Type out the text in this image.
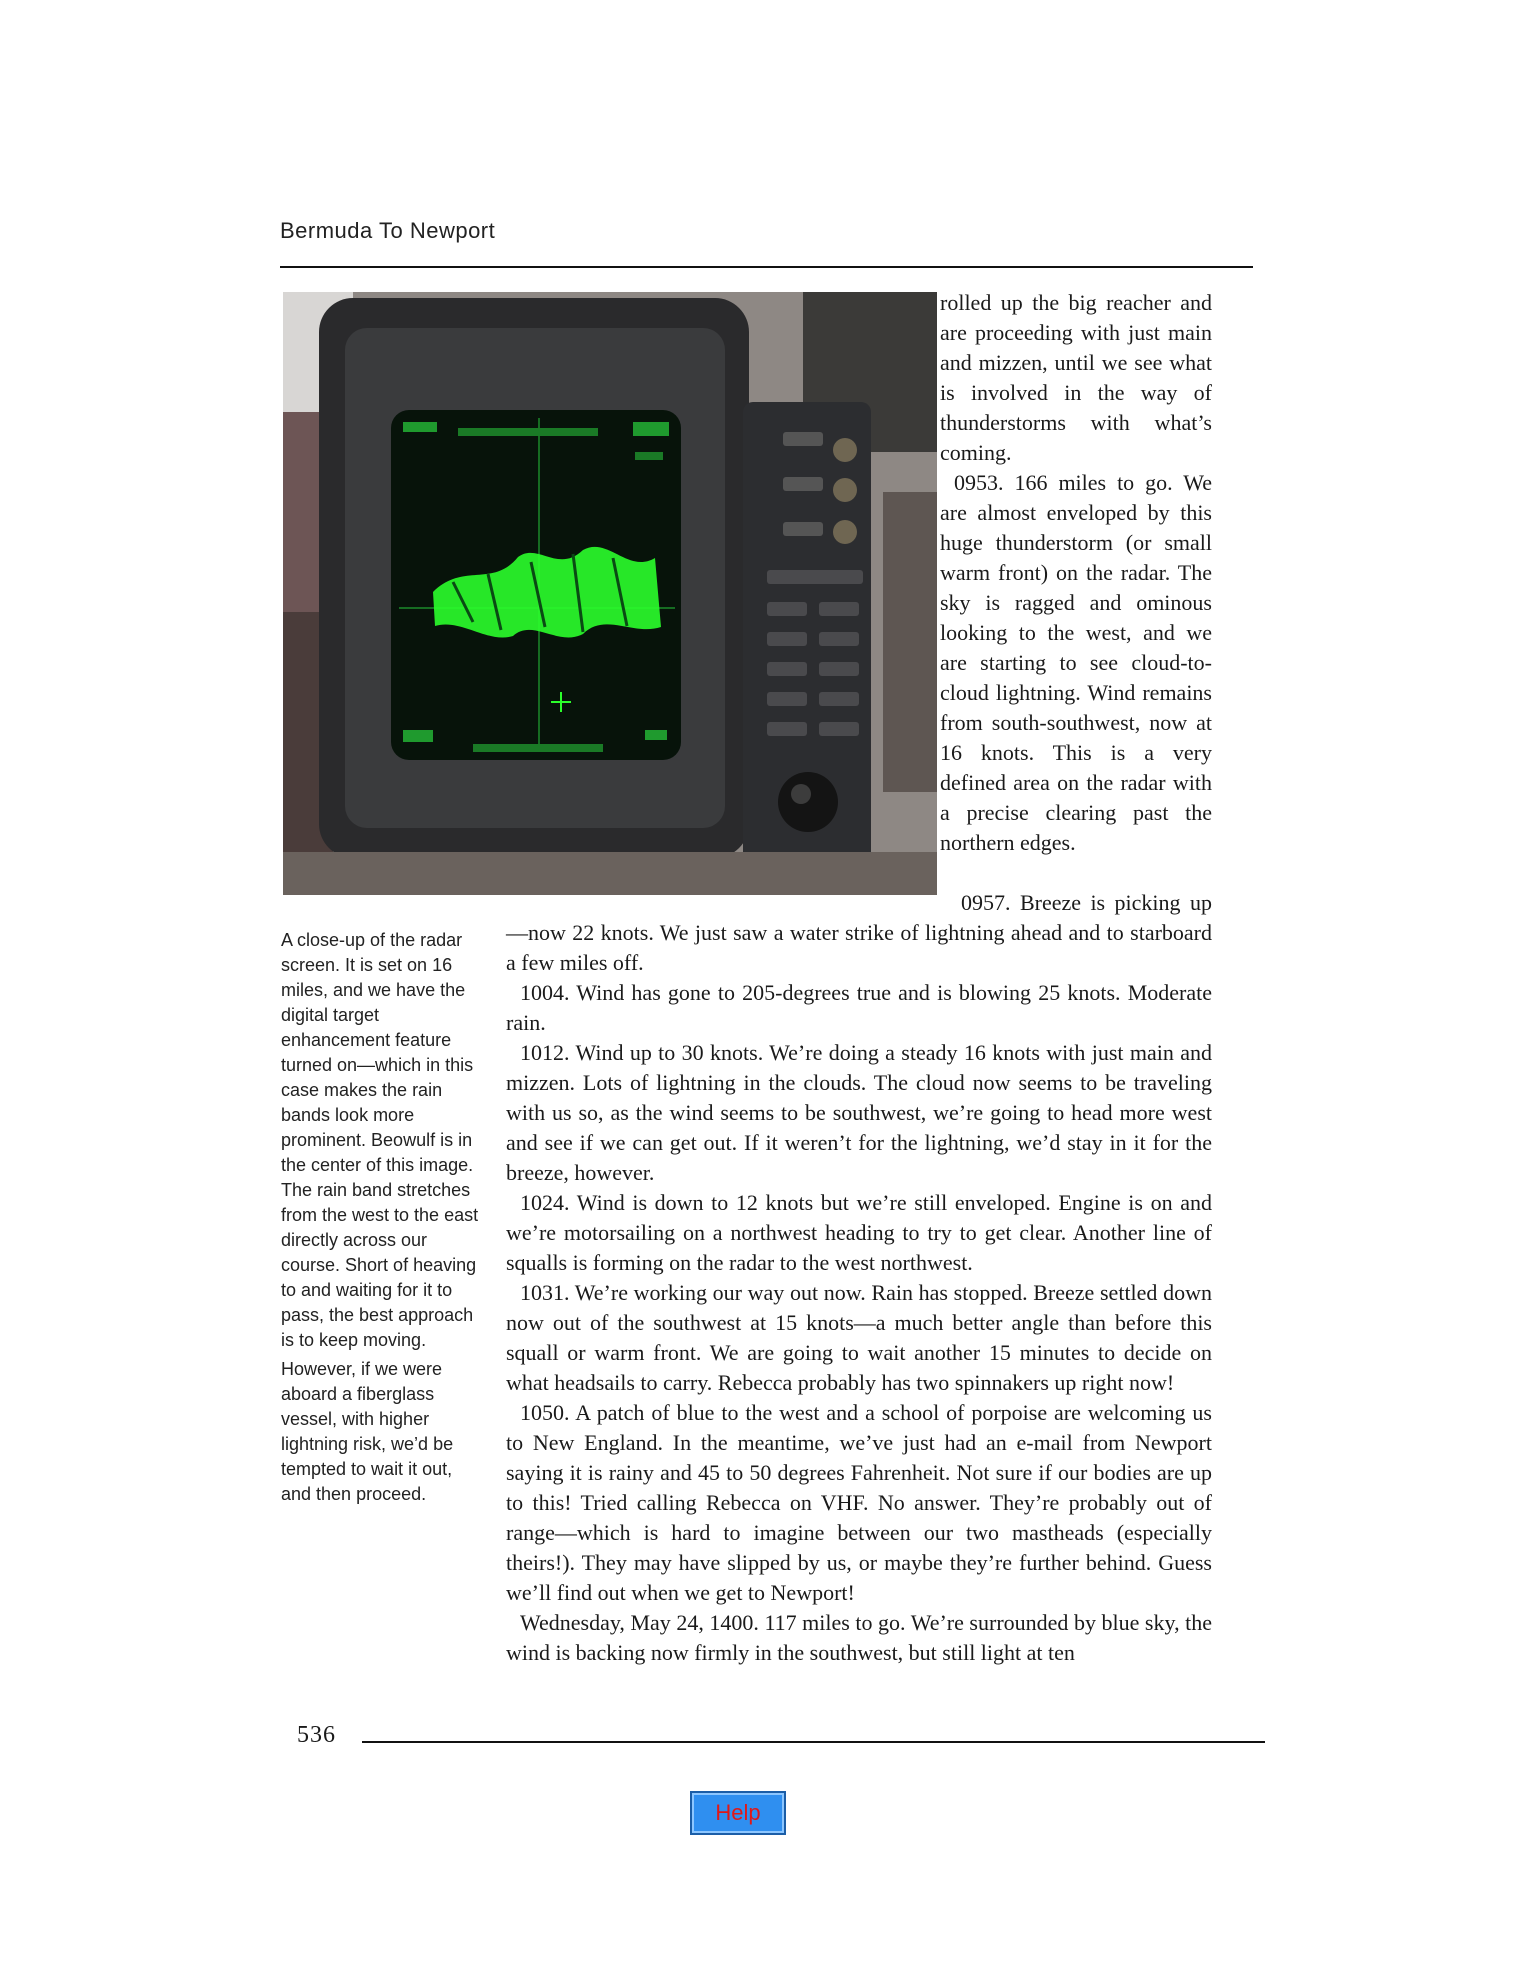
Bermuda To Newport

A close-up of the radar screen. It is set on 16 miles, and we have the digital target enhancement feature turned on—which in this case makes the rain bands look more prominent. Beowulf is in the center of this image. The rain band stretches from the west to the east directly across our course. Short of heaving to and waiting for it to pass, the best approach is to keep moving.

However, if we were aboard a fiberglass vessel, with higher lightning risk, we’d be tempted to wait it out, and then proceed.

rolled up the big reacher and are proceeding with just main and mizzen, until we see what is involved in the way of thunderstorms with what’s coming.

0953. 166 miles to go. We are almost enveloped by this huge thunderstorm (or small warm front) on the radar. The sky is ragged and ominous looking to the west, and we are starting to see cloud-to-cloud lightning. Wind remains from south-southwest, now at 16 knots. This is a very defined area on the radar with a precise clearing past the northern edges.

0957. Breeze is picking up—now 22 knots. We just saw a water strike of lightning ahead and to starboard a few miles off.

1004. Wind has gone to 205-degrees true and is blowing 25 knots. Moderate rain.

1012. Wind up to 30 knots. We’re doing a steady 16 knots with just main and mizzen. Lots of lightning in the clouds. The cloud now seems to be traveling with us so, as the wind seems to be southwest, we’re going to head more west and see if we can get out. If it weren’t for the lightning, we’d stay in it for the breeze, however.

1024. Wind is down to 12 knots but we’re still enveloped. Engine is on and we’re motorsailing on a northwest heading to try to get clear. Another line of squalls is forming on the radar to the west northwest.

1031. We’re working our way out now. Rain has stopped. Breeze settled down now out of the southwest at 15 knots—a much better angle than before this squall or warm front. We are going to wait another 15 minutes to decide on what headsails to carry. Rebecca probably has two spinnakers up right now!

1050. A patch of blue to the west and a school of porpoise are welcoming us to New England. In the meantime, we’ve just had an e-mail from Newport saying it is rainy and 45 to 50 degrees Fahrenheit. Not sure if our bodies are up to this! Tried calling Rebecca on VHF. No answer. They’re probably out of range—which is hard to imagine between our two mastheads (especially theirs!). They may have slipped by us, or maybe they’re further behind. Guess we’ll find out when we get to Newport!

Wednesday, May 24, 1400. 117 miles to go. We’re surrounded by blue sky, the wind is backing now firmly in the southwest, but still light at ten

536
Help
